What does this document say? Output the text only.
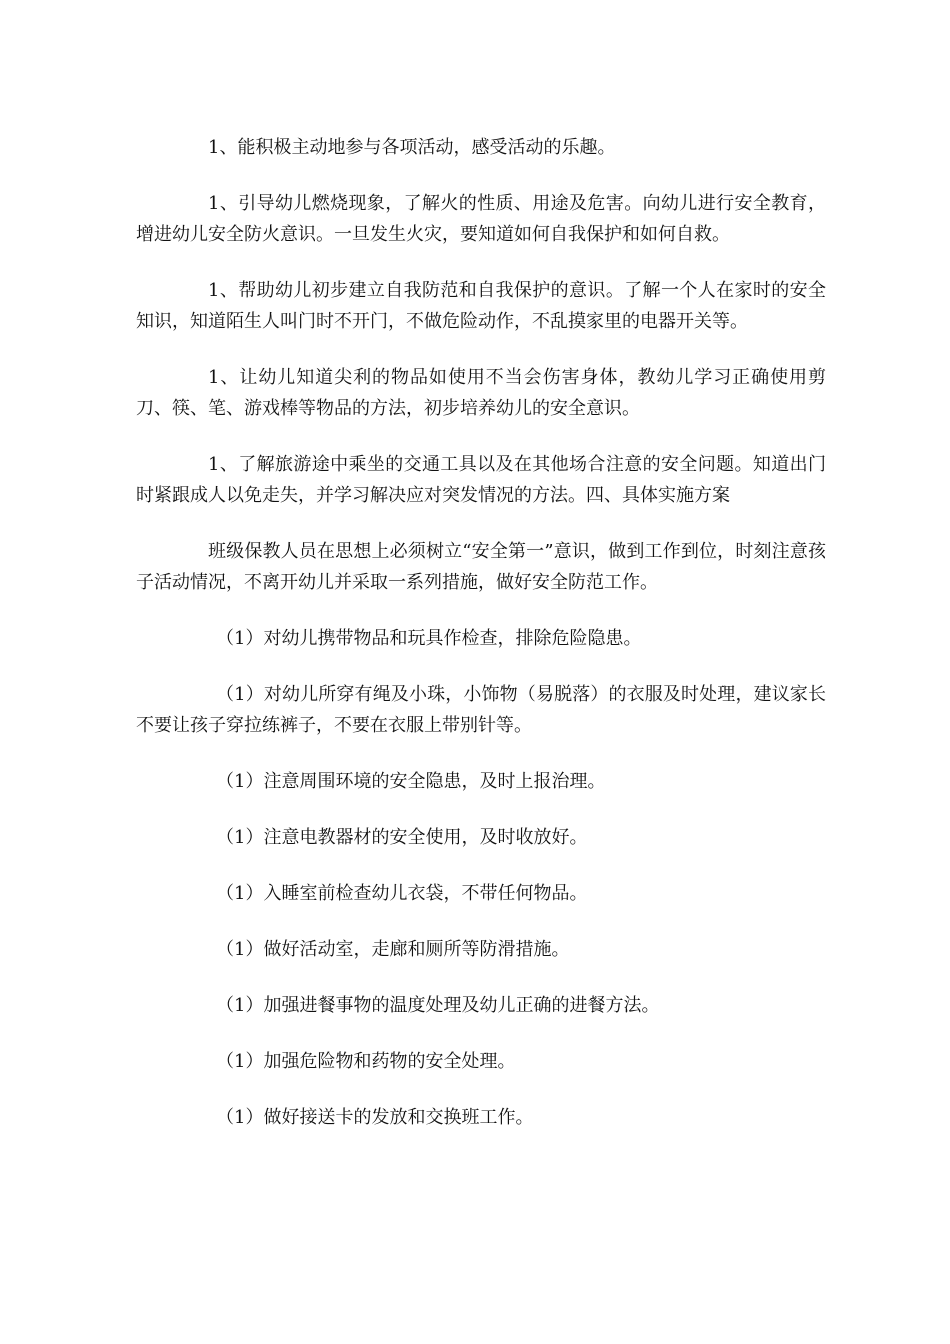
1、能积极主动地参与各项活动，感受活动的乐趣。

1、引导幼儿燃烧现象，了解火的性质、用途及危害。向幼儿进行安全教育，增进幼儿安全防火意识。一旦发生火灾，要知道如何自我保护和如何自救。

1、帮助幼儿初步建立自我防范和自我保护的意识。了解一个人在家时的安全知识，知道陌生人叫门时不开门，不做危险动作，不乱摸家里的电器开关等。

1、让幼儿知道尖利的物品如使用不当会伤害身体，教幼儿学习正确使用剪刀、筷、笔、游戏棒等物品的方法，初步培养幼儿的安全意识。

1、了解旅游途中乘坐的交通工具以及在其他场合注意的安全问题。知道出门时紧跟成人以免走失，并学习解决应对突发情况的方法。四、具体实施方案

班级保教人员在思想上必须树立“安全第一”意识，做到工作到位，时刻注意孩子活动情况，不离开幼儿并采取一系列措施，做好安全防范工作。

（1）对幼儿携带物品和玩具作检查，排除危险隐患。

（1）对幼儿所穿有绳及小珠，小饰物（易脱落）的衣服及时处理，建议家长不要让孩子穿拉练裤子，不要在衣服上带别针等。

（1）注意周围环境的安全隐患，及时上报治理。

（1）注意电教器材的安全使用，及时收放好。

（1）入睡室前检查幼儿衣袋，不带任何物品。

（1）做好活动室，走廊和厕所等防滑措施。

（1）加强进餐事物的温度处理及幼儿正确的进餐方法。

（1）加强危险物和药物的安全处理。

（1）做好接送卡的发放和交换班工作。
